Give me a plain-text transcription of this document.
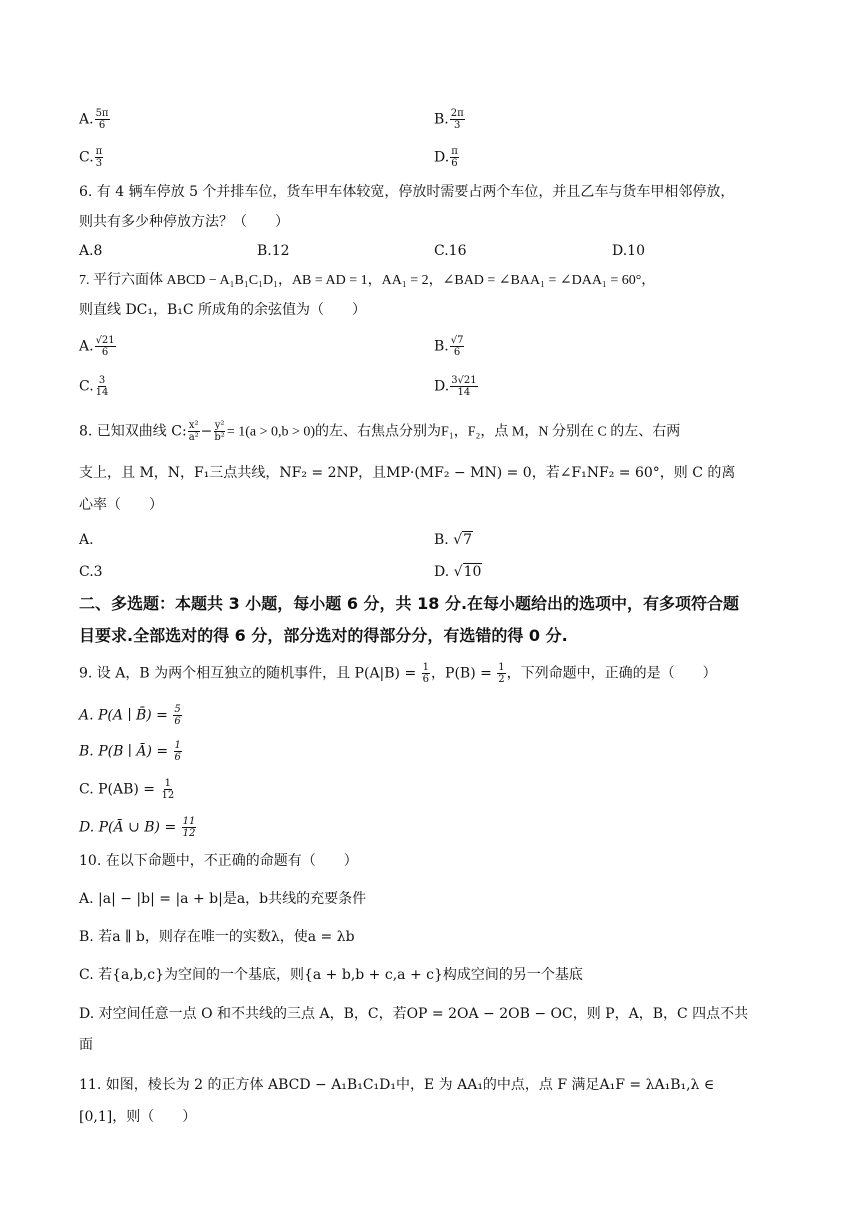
A. $\frac{5\pi}{6}$	B. $\frac{2\pi}{3}$
C. $\frac{\pi}{3}$	D. $\frac{\pi}{6}$
6. 有 4 辆车停放 5 个并排车位，货车甲车体较宽，停放时需要占两个车位，并且乙车与货车甲相邻停放，
则共有多少种停放方法？（　　）
A.8	B.12	C.16	D.10
7. 平行六面体 ABCD − A₁B₁C₁D₁，AB = AD = 1，AA₁ = 2，∠BAD = ∠BAA₁ = ∠DAA₁ = 60°，
则直线 DC₁，B₁C 所成角的余弦值为（　　）
A. $\frac{√21}{6}$	B. $\frac{√7}{6}$
C. $\frac{3}{14}$	D. $\frac{3√21}{14}$
8. 已知双曲线 C: $\frac{\text{x²}}{\text{a²}} - \frac{\text{y²}}{\text{b²}} = 1(a > 0,b > 0)$的左、右焦点分别为F₁，F₂，点 M，N 分别在 C 的左、右两
支上，且 M，N，F₁三点共线，NF₂ = 2NP，且MP·(MF₂ − MN) = 0，若∠F₁NF₂ = 60°，则 C 的离
心率（　　）
A.	B. √7
C.3	D. √10
二、多选题：本题共 3 小题，每小题 6 分，共 18 分.在每小题给出的选项中，有多项符合题
目要求.全部选对的得 6 分，部分选对的得部分分，有选错的得 0 分.
9. 设 A，B 为两个相互独立的随机事件，且 $P(A|B) = \frac{1}{6}$ ，$P(B) = \frac{1}{2}$ ，下列命题中，正确的是（　　）
A. P(A ∣ B̄) = $\frac{5}{6}$
B. P(B ∣ Ā) = $\frac{1}{6}$
C. $P(AB) = \frac{1}{12}$
D. P(Ā ∪ $B) = \frac{11}{12}$
10. 在以下命题中，不正确的命题有（　　）
A. |a| − |b| = |a + b|是a，b共线的充要条件
B. 若a ∥ b，则存在唯一的实数λ，使a = λb
C. 若{a,b,c}为空间的一个基底，则{a + b,b + c,a + c}构成空间的另一个基底
D. 对空间任意一点 O 和不共线的三点 A，B，C，若OP = 2OA − 2OB − OC，则 P，A，B，C 四点不共
面
11. 如图，棱长为 2 的正方体 ABCD − A₁B₁C₁D₁中，E 为 AA₁的中点，点 F 满足A₁F = λA₁B₁,λ ∈
[0,1]，则（　　）
